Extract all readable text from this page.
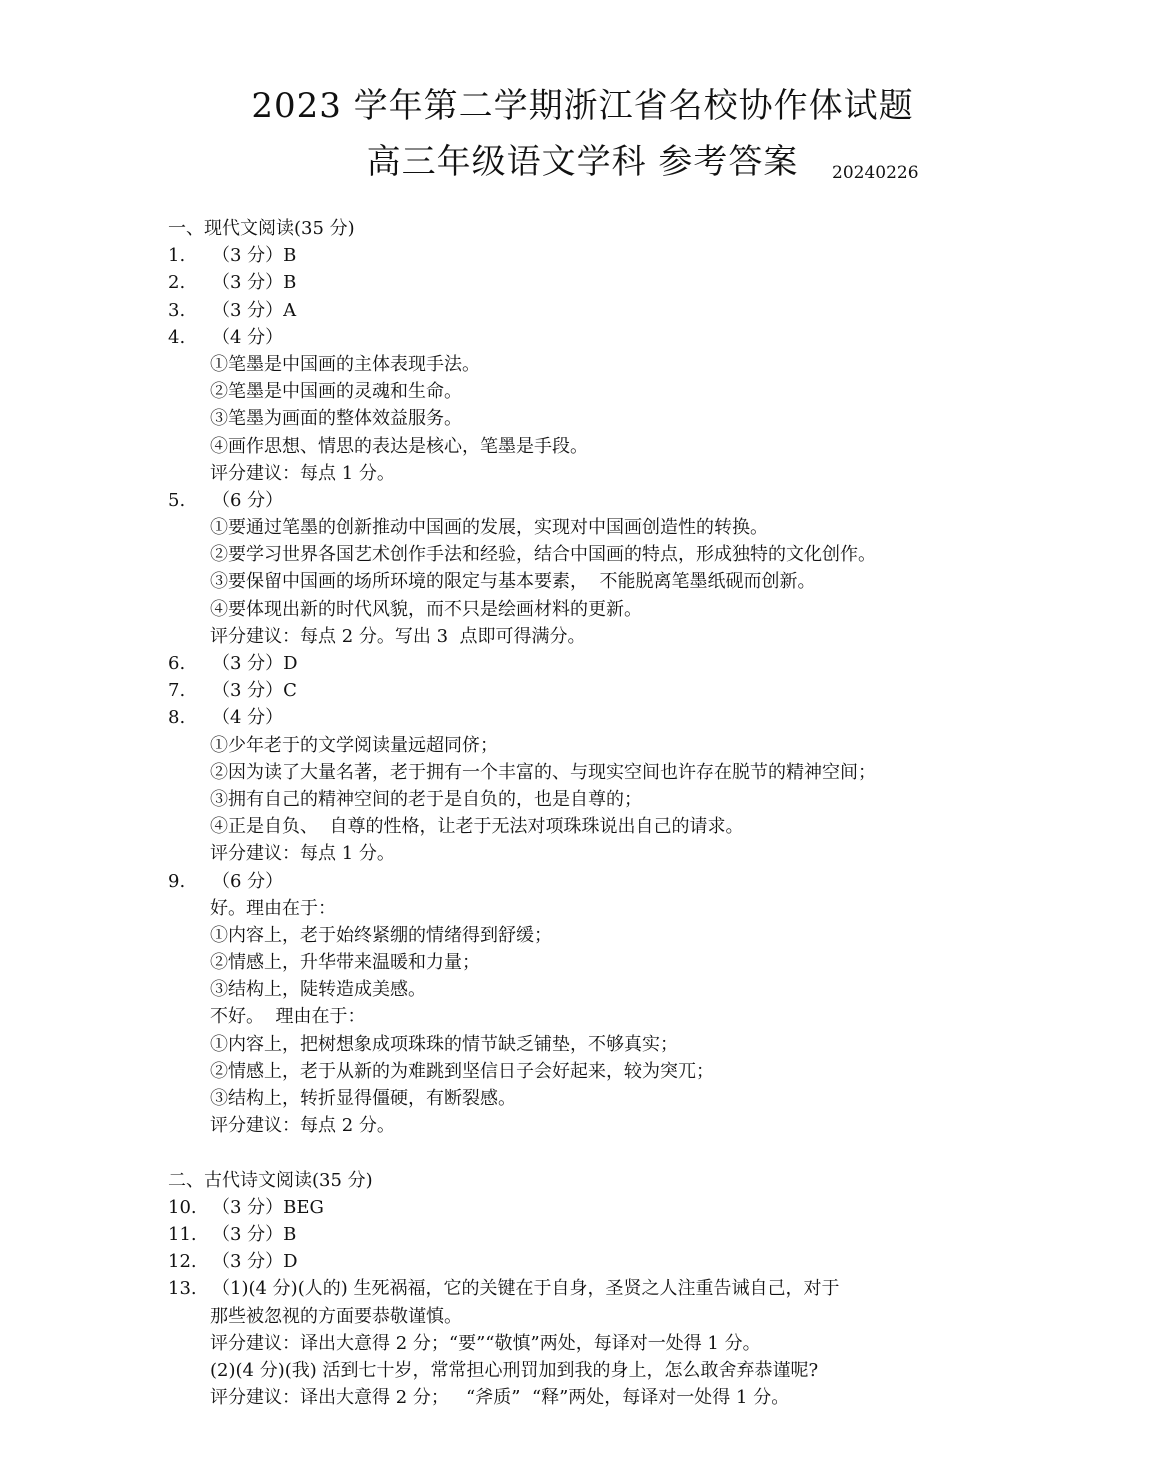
2023 学年第二学期浙江省名校协作体试题
高三年级语文学科 参考答案	20240226
一、现代文阅读(35 分)
1. （3 分）B
2. （3 分）B
3. （3 分）A
4. （4 分）
①笔墨是中国画的主体表现手法。
②笔墨是中国画的灵魂和生命。
③笔墨为画面的整体效益服务。
④画作思想、情思的表达是核心，笔墨是手段。
评分建议：每点 1 分。
5. （6 分）
①要通过笔墨的创新推动中国画的发展，实现对中国画创造性的转换。
②要学习世界各国艺术创作手法和经验，结合中国画的特点，形成独特的文化创作。
③要保留中国画的场所环境的限定与基本要素，  不能脱离笔墨纸砚而创新。
④要体现出新的时代风貌，而不只是绘画材料的更新。
评分建议：每点 2 分。写出 3  点即可得满分。
6. （3 分）D
7. （3 分）C
8. （4 分）
①少年老于的文学阅读量远超同侪；
②因为读了大量名著，老于拥有一个丰富的、与现实空间也许存在脱节的精神空间；
③拥有自己的精神空间的老于是自负的，也是自尊的；
④正是自负、  自尊的性格，让老于无法对项珠珠说出自己的请求。
评分建议：每点 1 分。
9. （6 分）
好。理由在于：
①内容上，老于始终紧绷的情绪得到舒缓；
②情感上，升华带来温暖和力量；
③结构上，陡转造成美感。
不好。  理由在于：
①内容上，把树想象成项珠珠的情节缺乏铺垫，不够真实；
②情感上，老于从新的为难跳到坚信日子会好起来，较为突兀；
③结构上，转折显得僵硬，有断裂感。
评分建议：每点 2 分。
二、古代诗文阅读(35 分)
10. （3 分）BEG
11. （3 分）B
12. （3 分）D
13. （1)(4 分)(人的) 生死祸福，它的关键在于自身，圣贤之人注重告诫自己，对于
那些被忽视的方面要恭敬谨慎。
评分建议：译出大意得 2 分；“要”“敬慎”两处，每译对一处得 1 分。
(2)(4 分)(我) 活到七十岁，常常担心刑罚加到我的身上，怎么敢舍弃恭谨呢?
评分建议：译出大意得 2 分；   “斧质”  “释”两处，每译对一处得 1 分。
